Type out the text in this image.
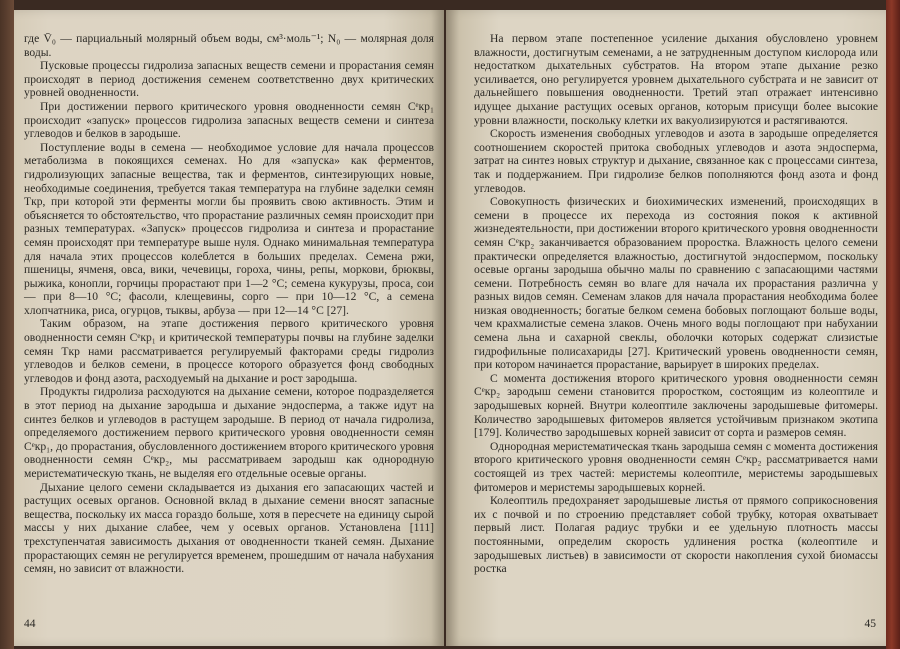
где V̄₀ — парциальный молярный объем воды, см³·моль⁻¹; N₀ — молярная доля воды.

Пусковые процессы гидролиза запасных веществ семени и прорастания семян происходят в период достижения семенем соответственно двух критических уровней оводненности.

При достижении первого критического уровня оводненности семян Cᵉкр₁ происходит «запуск» процессов гидролиза запасных веществ семени и синтеза углеводов и белков в зародыше.

Поступление воды в семена — необходимое условие для начала процессов метаболизма в покоящихся семенах. Но для «запуска» как ферментов, гидролизующих запасные вещества, так и ферментов, синтезирующих новые, необходимые соединения, требуется такая температура на глубине заделки семян Tкр, при которой эти ферменты могли бы проявить свою активность. Этим и объясняется то обстоятельство, что прорастание различных семян происходит при разных температурах. «Запуск» процессов гидролиза и синтеза и прорастание семян происходят при температуре выше нуля. Однако минимальная температура для начала этих процессов колеблется в больших пределах. Семена ржи, пшеницы, ячменя, овса, вики, чечевицы, гороха, чины, репы, моркови, брюквы, рыжика, конопли, горчицы прорастают при 1—2 °C; семена кукурузы, проса, сои — при 8—10 °C; фасоли, клещевины, сорго — при 10—12 °C, а семена хлопчатника, риса, огурцов, тыквы, арбуза — при 12—14 °C [27].

Таким образом, на этапе достижения первого критического уровня оводненности семян Cᵉкр₁ и критической температуры почвы на глубине заделки семян Tкр нами рассматривается регулируемый факторами среды гидролиз углеводов и белков семени, в процессе которого образуется фонд свободных углеводов и фонд азота, расходуемый на дыхание и рост зародыша.

Продукты гидролиза расходуются на дыхание семени, которое подразделяется в этот период на дыхание зародыша и дыхание эндосперма, а также идут на синтез белков и углеводов в растущем зародыше. В период от начала гидролиза, определяемого достижением первого критического уровня оводненности семян Cᵉкр₁, до прорастания, обусловленного достижением второго критического уровня оводненности семян Cᵉкр₂, мы рассматриваем зародыш как однородную меристематическую ткань, не выделяя его отдельные осевые органы.

Дыхание целого семени складывается из дыхания его запасающих частей и растущих осевых органов. Основной вклад в дыхание семени вносят запасные вещества, поскольку их масса гораздо больше, хотя в пересчете на единицу сырой массы у них дыхание слабее, чем у осевых органов. Установлена [111] трехступенчатая зависимость дыхания от оводненности тканей семян. Дыхание прорастающих семян не регулируется временем, прошедшим от начала набухания семян, но зависит от влажности.

44

На первом этапе постепенное усиление дыхания обусловлено уровнем влажности, достигнутым семенами, а не затрудненным доступом кислорода или недостатком дыхательных субстратов. На втором этапе дыхание резко усиливается, оно регулируется уровнем дыхательного субстрата и не зависит от дальнейшего повышения оводненности. Третий этап отражает интенсивно идущее дыхание растущих осевых органов, которым присущи более высокие уровни влажности, поскольку клетки их вакуолизируются и растягиваются.

Скорость изменения свободных углеводов и азота в зародыше определяется соотношением скоростей притока свободных углеводов и азота эндосперма, затрат на синтез новых структур и дыхание, связанное как с процессами синтеза, так и поддержанием. При гидролизе белков пополняются фонд азота и фонд углеводов.

Совокупность физических и биохимических изменений, происходящих в семени в процессе их перехода из состояния покоя к активной жизнедеятельности, при достижении второго критического уровня оводненности семян Cᵉкр₂ заканчивается образованием проростка. Влажность целого семени практически определяется влажностью, достигнутой эндоспермом, поскольку осевые органы зародыша обычно малы по сравнению с запасающими частями семени. Потребность семян во влаге для начала их прорастания различна у разных видов семян. Семенам злаков для начала прорастания необходима более низкая оводненность; богатые белком семена бобовых поглощают больше воды, чем крахмалистые семена злаков. Очень много воды поглощают при набухании семена льна и сахарной свеклы, оболочки которых содержат слизистые гидрофильные полисахариды [27]. Критический уровень оводненности семян, при котором начинается прорастание, варьирует в широких пределах.

С момента достижения второго критического уровня оводненности семян Cᵉкр₂ зародыш семени становится проростком, состоящим из колеоптиле и зародышевых корней. Внутри колеоптиле заключены зародышевые фитомеры. Количество зародышевых фитомеров является устойчивым признаком экотипа [179]. Количество зародышевых корней зависит от сорта и размеров семян.

Однородная меристематическая ткань зародыша семян с момента достижения второго критического уровня оводненности семян Cᵉкр₂ рассматривается нами состоящей из трех частей: меристемы колеоптиле, меристемы зародышевых фитомеров и меристемы зародышевых корней.

Колеоптиль предохраняет зародышевые листья от прямого соприкосновения их с почвой и по строению представляет собой трубку, которая охватывает первый лист. Полагая радиус трубки и ее удельную плотность массы постоянными, определим скорость удлинения ростка (колеоптиле и зародышевых листьев) в зависимости от скорости накопления сухой биомассы ростка

45
